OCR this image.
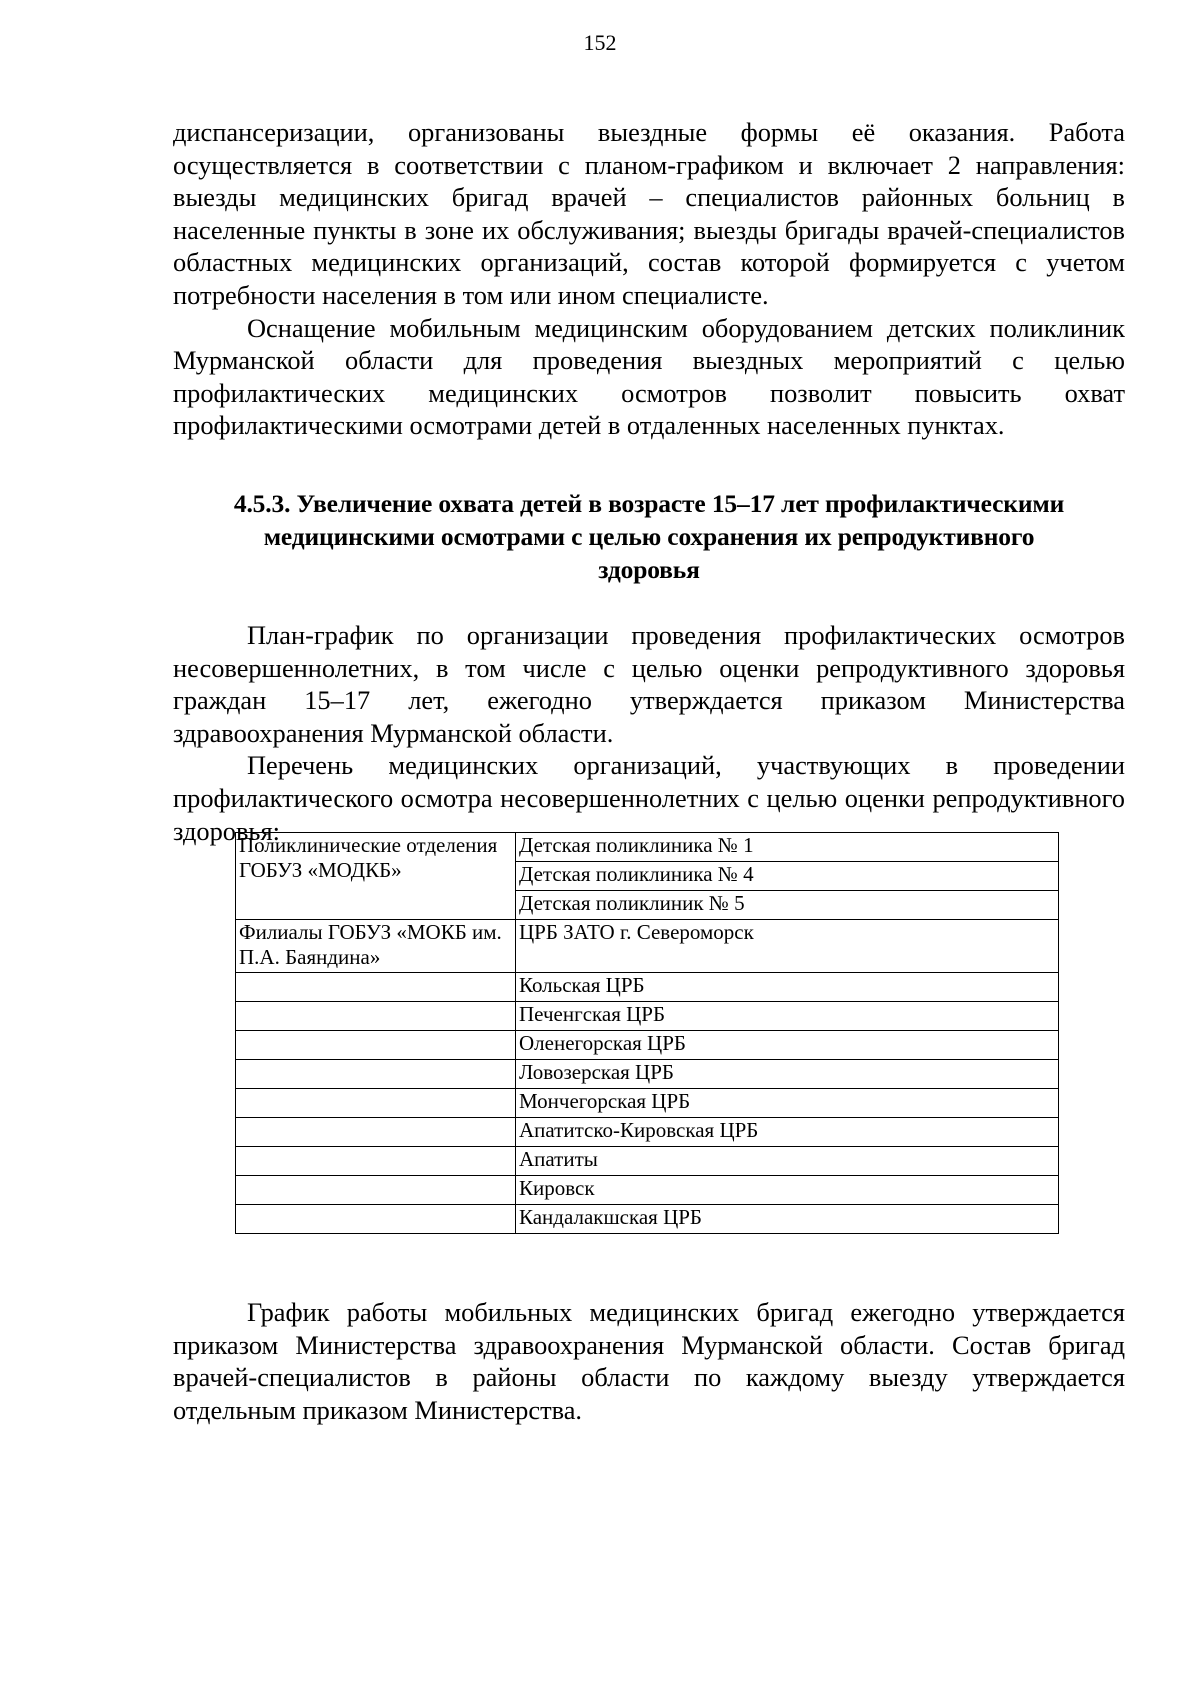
152

диспансеризации, организованы выездные формы её оказания. Работа осуществляется в соответствии с планом-графиком и включает 2 направления: выезды медицинских бригад врачей – специалистов районных больниц в населенные пункты в зоне их обслуживания; выезды бригады врачей-специалистов областных медицинских организаций, состав которой формируется с учетом потребности населения в том или ином специалисте.

Оснащение мобильным медицинским оборудованием детских поликлиник Мурманской области для проведения выездных мероприятий с целью профилактических медицинских осмотров позволит повысить охват профилактическими осмотрами детей в отдаленных населенных пунктах.

4.5.3. Увеличение охвата детей в возрасте 15–17 лет профилактическими
медицинскими осмотрами с целью сохранения их репродуктивного
здоровья

План-график по организации проведения профилактических осмотров несовершеннолетних, в том числе с целью оценки репродуктивного здоровья граждан 15–17 лет, ежегодно утверждается приказом Министерства здравоохранения Мурманской области.

Перечень медицинских организаций, участвующих в проведении профилактического осмотра несовершеннолетних с целью оценки репродуктивного здоровья:

Поликлинические отделения ГОБУЗ «МОДКБ»	Детская поликлиника № 1
	Детская поликлиника № 4
	Детская поликлиник № 5
Филиалы ГОБУЗ «МОКБ им. П.А. Баяндина»	ЦРБ ЗАТО г. Североморск
	Кольская ЦРБ
	Печенгская ЦРБ
	Оленегорская ЦРБ
	Ловозерская ЦРБ
	Мончегорская ЦРБ
	Апатитско-Кировская ЦРБ
	Апатиты
	Кировск
	Кандалакшская ЦРБ

График работы мобильных медицинских бригад ежегодно утверждается приказом Министерства здравоохранения Мурманской области. Состав бригад врачей-специалистов в районы области по каждому выезду утверждается отдельным приказом Министерства.
